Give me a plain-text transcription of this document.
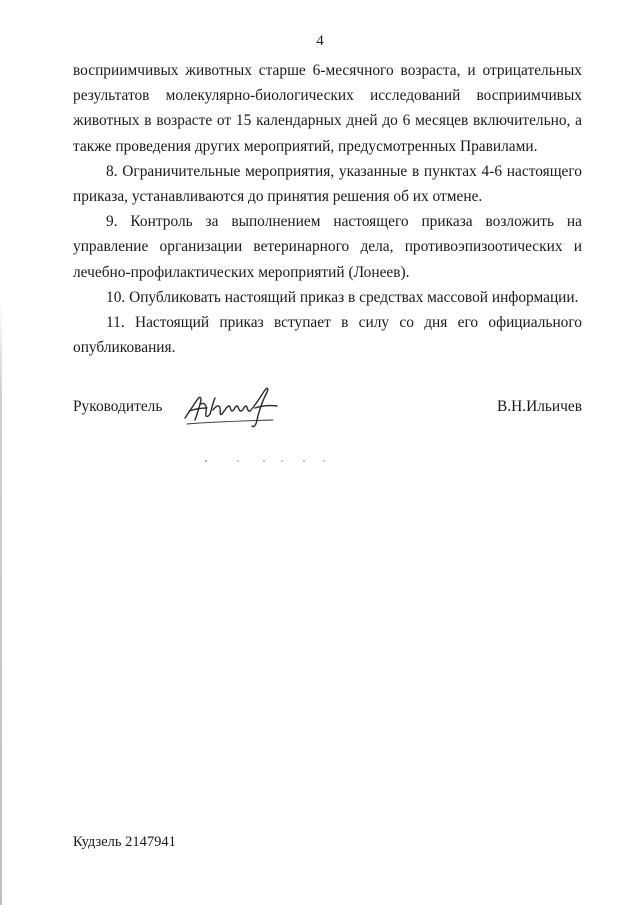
4

восприимчивых животных старше 6-месячного возраста, и отрицательных результатов молекулярно-биологических исследований восприимчивых животных в возрасте от 15 календарных дней до 6 месяцев включительно, а также проведения других мероприятий, предусмотренных Правилами.

8. Ограничительные мероприятия, указанные в пунктах 4-6 настоящего приказа, устанавливаются до принятия решения об их отмене.

9. Контроль за выполнением настоящего приказа возложить на управление организации ветеринарного дела, противоэпизоотических и лечебно-профилактических мероприятий (Лонеев).

10. Опубликовать настоящий приказ в средствах массовой информации.

11. Настоящий приказ вступает в силу со дня его официального опубликования.

Руководитель	В.Н.Ильичев
Кудзель 2147941
